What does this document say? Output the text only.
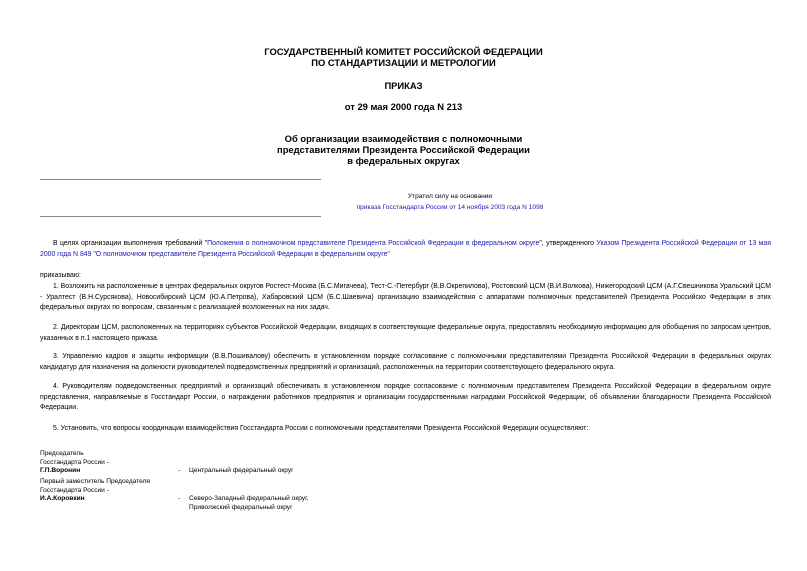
ГОСУДАРСТВЕННЫЙ КОМИТЕТ РОССИЙСКОЙ ФЕДЕРАЦИИ
ПО СТАНДАРТИЗАЦИИ И МЕТРОЛОГИИ
ПРИКАЗ
от 29 мая 2000 года N 213
Об организации взаимодействия с полномочными
представителями Президента Российской Федерации
в федеральных округах
Утратил силу на основании
приказа Госстандарта России от 14 ноября 2003 года N 1098
В целях организации выполнения требований "Положения о полномочном представителе Президента Российской Федерации в федеральном округе", утвержденного Указом Президента Российской Федерации от 13 мая 2000 года N 849 "О полномочном представителе Президента Российской Федерации в федеральном округе"
приказываю:
1. Возложить на расположенные в центрах федеральных округов Ростест-Москва (Б.С.Мигачева), Тест-С.-Петербург (В.В.Окрепилова), Ростовский ЦСМ (В.И.Волкова), Нижегородский ЦСМ (А.Г.Свешникова Уральский ЦСМ - Уралтест (В.Н.Сурсякова), Новосибирский ЦСМ (Ю.А.Петрова), Хабаровский ЦСМ (Б.С.Шаевича) организацию взаимодействия с аппаратами полномочных представителей Президента Российско Федерации в этих федеральных округах по вопросам, связанным с реализацией возложенных на них задач.
2. Директорам ЦСМ, расположенных на территориях субъектов Российской Федерации, входящих в соответствующие федеральные округа, предоставлять необходимую информацию для обобщения по запросам центров, указанных в п.1 настоящего приказа.
3. Управлению кадров и защиты информации (В.В.Пошивалову) обеспечить в установленном порядке согласование с полномочными представителями Президента Российской Федерации в федеральных округах кандидатур для назначения на должности руководителей подведомственных предприятий и организаций, расположенных на территории соответствующего федерального округа.
4. Руководителям подведомственных предприятий и организаций обеспечивать в установленном порядке согласование с полномочным представителем Президента Российской Федерации в федеральном округе представления, направляемые в Госстандарт России, о награждении работников предприятия и организации государственными наградами Российской Федерации, об объявлении благодарности Президента Российской Федерации.
5. Установить, что вопросы координации взаимодействия Госстандарта России с полномочными представителями Президента Российской Федерации осуществляют:
Председатель
Госстандарта России -
Г.П.Воронин	- Центральный федеральный округ
Первый заместитель Председателя
Госстандарта России -
И.А.Коровкин	- Северо-Западный федеральный округ,
Приволжский федеральный округ
